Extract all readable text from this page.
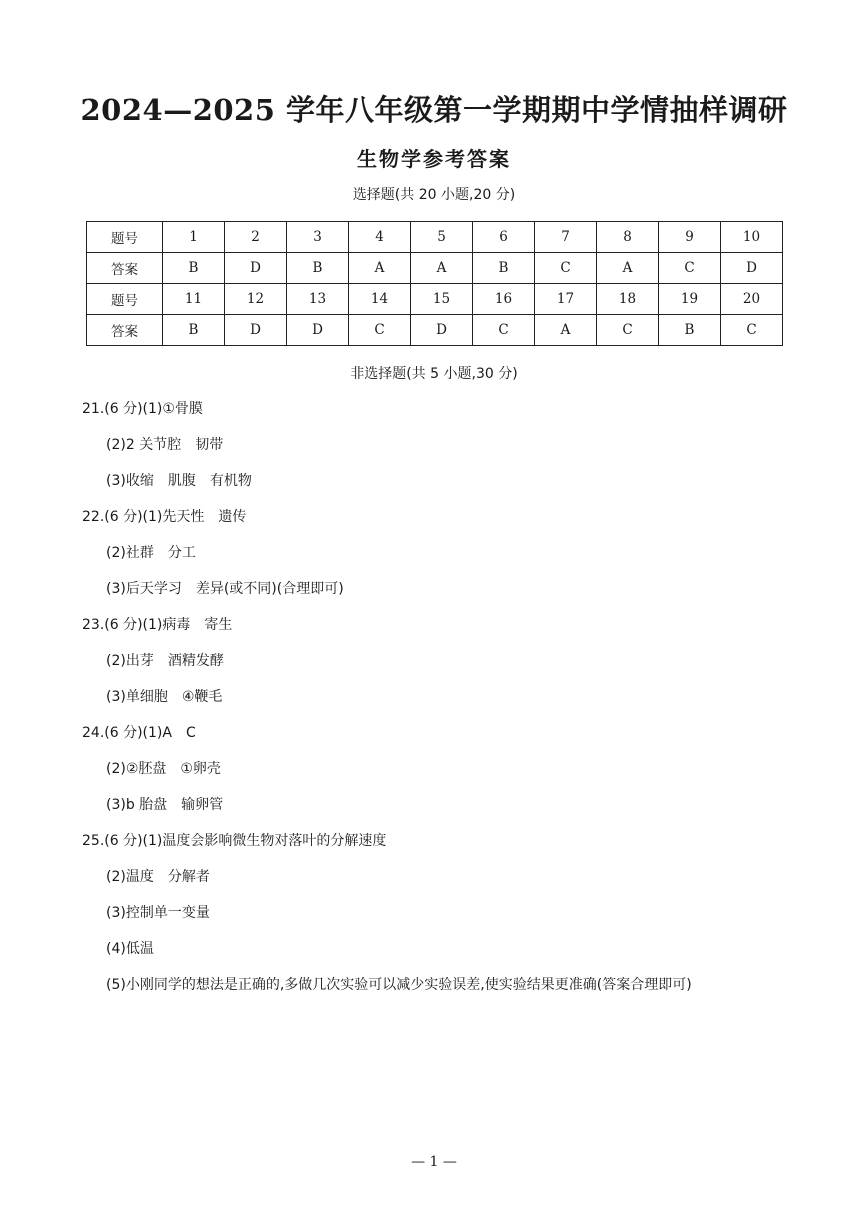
2024—2025 学年八年级第一学期期中学情抽样调研
生物学参考答案
选择题(共 20 小题,20 分)
题号	1	2	3	4	5	6	7	8	9	10
答案	B	D	B	A	A	B	C	A	C	D
题号	11	12	13	14	15	16	17	18	19	20
答案	B	D	D	C	D	C	A	C	B	C
非选择题(共 5 小题,30 分)
21.(6 分)(1)①骨膜
(2)2 关节腔　韧带
(3)收缩　肌腹　有机物
22.(6 分)(1)先天性　遗传
(2)社群　分工
(3)后天学习　差异(或不同)(合理即可)
23.(6 分)(1)病毒　寄生
(2)出芽　酒精发酵
(3)单细胞　④鞭毛
24.(6 分)(1)A　C
(2)②胚盘　①卵壳
(3)b 胎盘　输卵管
25.(6 分)(1)温度会影响微生物对落叶的分解速度
(2)温度　分解者
(3)控制单一变量
(4)低温
(5)小刚同学的想法是正确的,多做几次实验可以减少实验误差,使实验结果更准确(答案合理即可)
— 1 —
